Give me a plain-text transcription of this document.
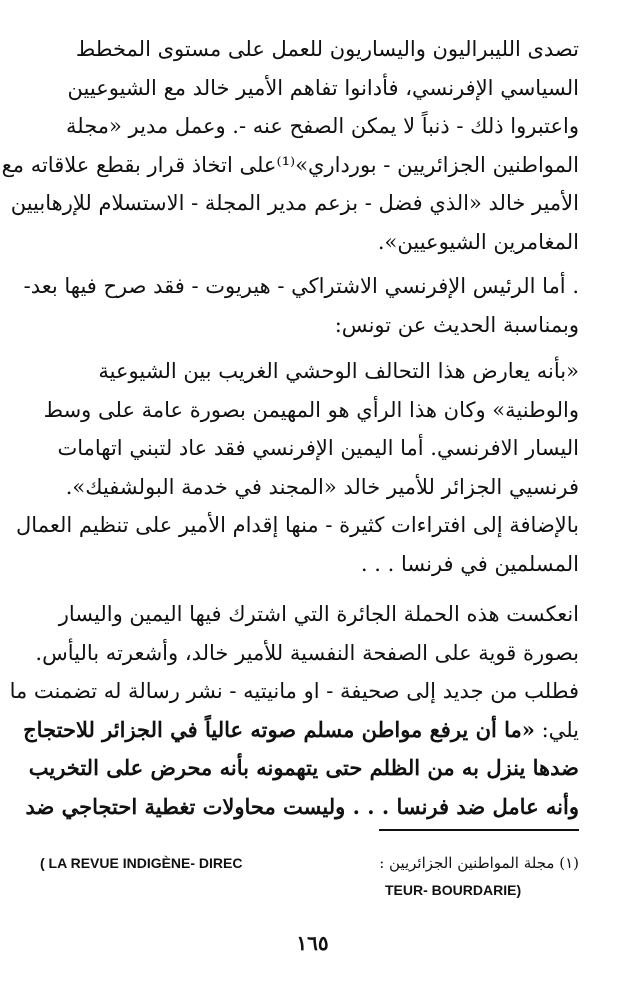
تصدى الليبراليون واليساريون للعمل على مستوى المخطط
السياسي الإفرنسي، فأدانوا تفاهم الأمير خالد مع الشيوعيين
واعتبروا ذلك - ذنباً لا يمكن الصفح عنه -. وعمل مدير «مجلة
المواطنين الجزائريين - بورداري»⁽¹⁾على اتخاذ قرار بقطع علاقاته مع
الأمير خالد «الذي فضل - بزعم مدير المجلة - الاستسلام للإرهابيين
المغامرين الشيوعيين».
. أما الرئيس الإفرنسي الاشتراكي - هيريوت - فقد صرح فيها بعد-
وبمناسبة الحديث عن تونس:
«بأنه يعارض هذا التحالف الوحشي الغريب بين الشيوعية
والوطنية» وكان هذا الرأي هو المهيمن بصورة عامة على وسط
اليسار الافرنسي. أما اليمين الإفرنسي فقد عاد لتبني اتهامات
فرنسيي الجزائر للأمير خالد «المجند في خدمة البولشفيك».
بالإضافة إلى افتراءات كثيرة - منها إقدام الأمير على تنظيم العمال
المسلمين في فرنسا . . .
انعكست هذه الحملة الجائرة التي اشترك فيها اليمين واليسار
بصورة قوية على الصفحة النفسية للأمير خالد، وأشعرته باليأس.
فطلب من جديد إلى صحيفة - او مانيتيه - نشر رسالة له تضمنت ما
يلي: «ما أن يرفع مواطن مسلم صوته عالياً في الجزائر للاحتجاج
ضدها ينزل به من الظلم حتى يتهمونه بأنه محرض على التخريب
وأنه عامل ضد فرنسا . . . وليست محاولات تغطية احتجاجي ضد
( LA REVUE INDIGÈNE- DIREC	(١) مجلة المواطنين الجزائريين :
TEUR- BOURDARIE)
١٦٥
